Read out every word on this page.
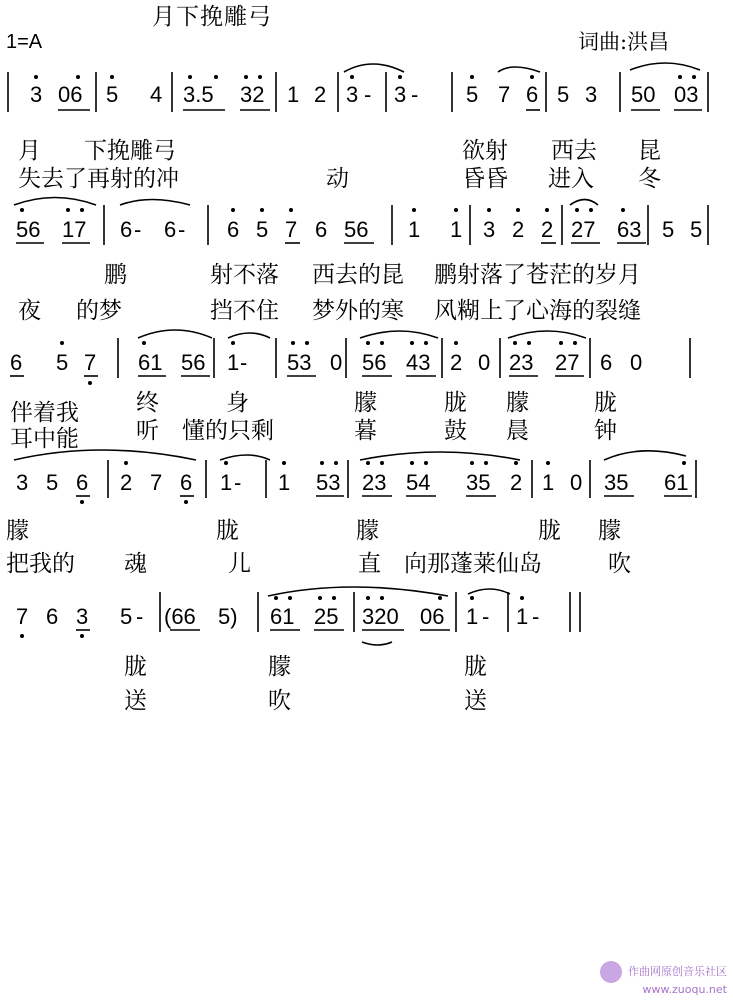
月下挽雕弓
1=A	词曲:洪昌
3 06 5 4 3.5 32 1 2 3 - 3 - 5 7 6 5 3 50 03
月 下挽雕弓	欲射 西去 昆
失去了再射的冲	动	昏昏 进入 冬
56 17 6 - 6 - 6 5 7 6 56 1 1 3 2 2 27 63 5 5
鹏	射不落 西去的昆 鹏射落了苍茫的岁月
夜 的梦	挡不住 梦外的寒 风糊上了心海的裂缝
6 5 7 61 56 1 - 53 0 56 43 2 0 23 27 6 0
伴着我 终	身	朦	胧 朦	胧
耳中能 听 懂的只剩	暮	鼓 晨	钟
3 5 6 2 7 6 1 - 1 53 23 54 35 2 1 0 35 61
朦	胧	朦	胧 朦
把我的 魂	儿	直 向那蓬莱仙岛	吹
7 6 3 5 - (66 5) 61 25 320 06 1 - 1 -
胧	朦	胧
送	吹	送
作曲网原创音乐社区
www.zuoqu.net
